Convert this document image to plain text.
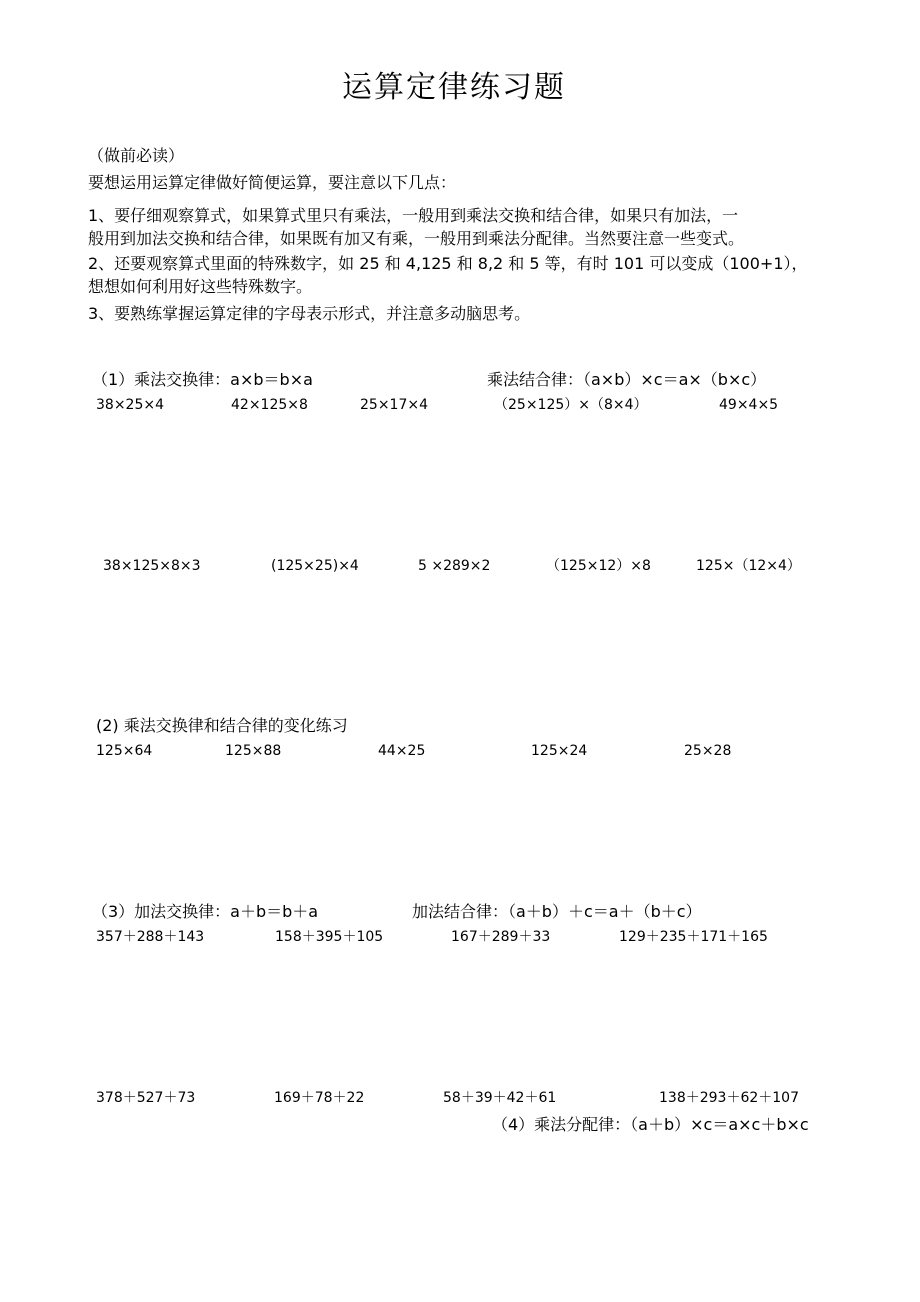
运算定律练习题
（做前必读）
要想运用运算定律做好简便运算，要注意以下几点：
1、要仔细观察算式，如果算式里只有乘法，一般用到乘法交换和结合律，如果只有加法，一
般用到加法交换和结合律，如果既有加又有乘，一般用到乘法分配律。当然要注意一些变式。
2、还要观察算式里面的特殊数字，如 25 和 4,125 和 8,2 和 5 等，有时 101 可以变成（100+1），
想想如何利用好这些特殊数字。
3、要熟练掌握运算定律的字母表示形式，并注意多动脑思考。
（1）乘法交换律：a×b＝b×a	乘法结合律：（a×b）×c＝a×（b×c）
38×25×4	42×125×8	25×17×4	（25×125）×（8×4）	49×4×5
38×125×8×3	(125×25)×4	5 ×289×2	（125×12）×8	125×（12×4）
(2) 乘法交换律和结合律的变化练习
125×64	125×88	44×25	125×24	25×28
（3）加法交换律：a＋b＝b＋a	加法结合律：（a＋b）＋c＝a＋（b＋c）
357＋288＋143	158＋395＋105	167＋289＋33	129＋235＋171＋165
378＋527＋73	169＋78＋22	58＋39＋42＋61	138＋293＋62＋107
（4）乘法分配律：（a＋b）×c＝a×c＋b×c
